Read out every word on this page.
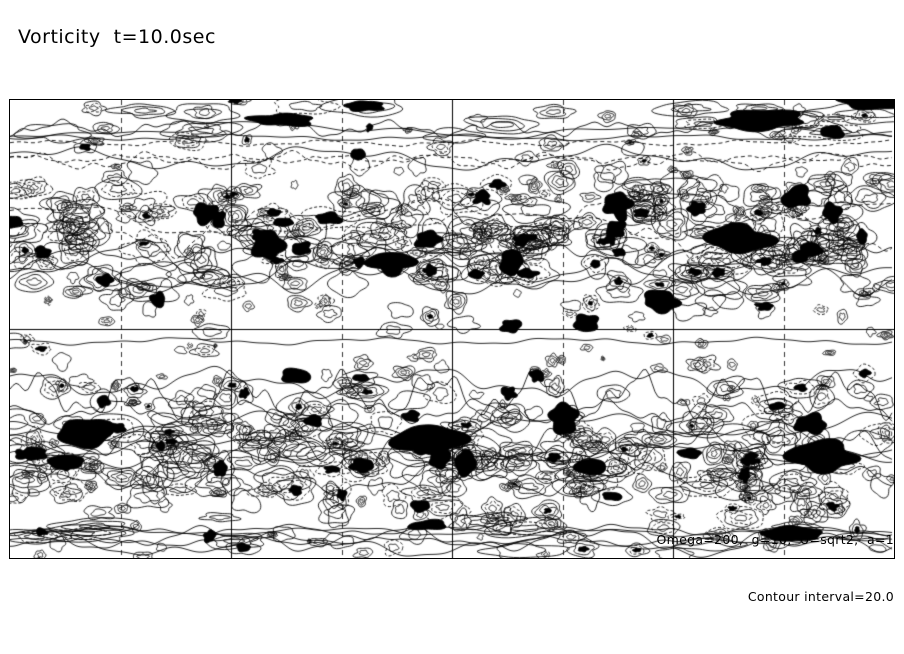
Vorticity  t=10.0sec

Omega=200,  g=10,  U=sqrt2,  a=1

Contour interval=20.0
